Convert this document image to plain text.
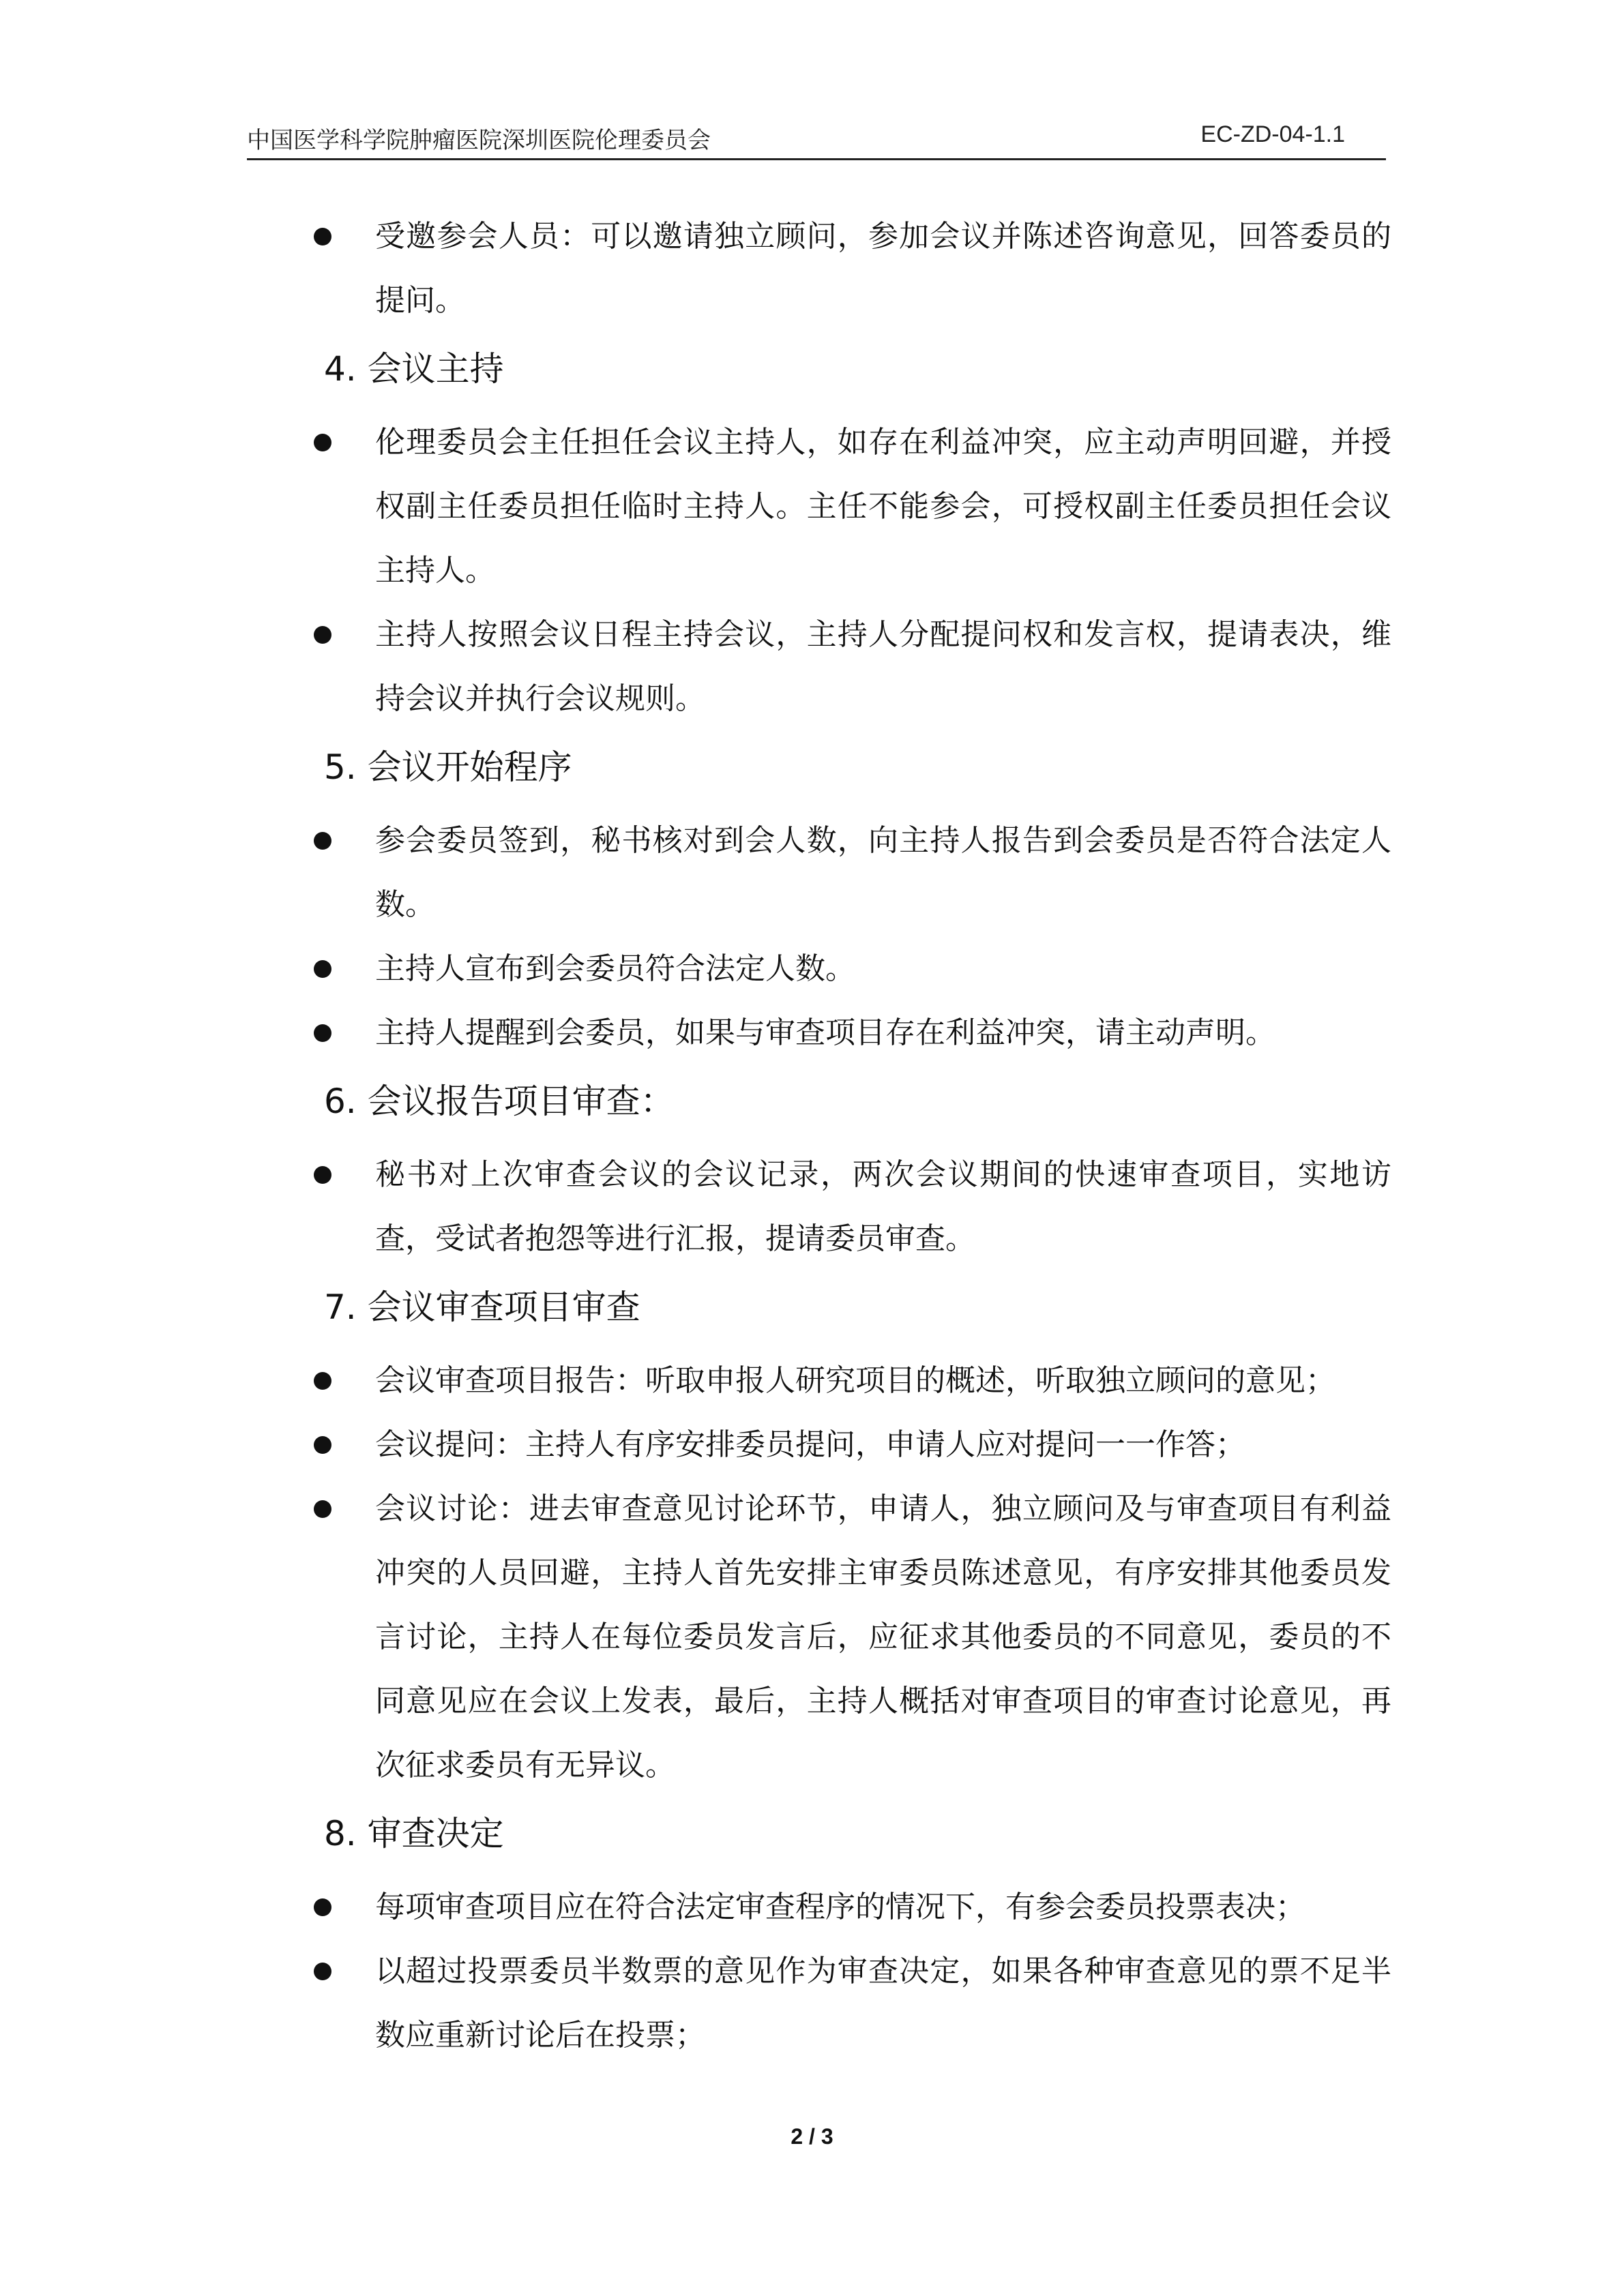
中国医学科学院肿瘤医院深圳医院伦理委员会	EC-ZD-04-1.1
受邀参会人员：可以邀请独立顾问，参加会议并陈述咨询意见，回答委员的提问。
4. 会议主持
伦理委员会主任担任会议主持人，如存在利益冲突，应主动声明回避，并授权副主任委员担任临时主持人。主任不能参会，可授权副主任委员担任会议主持人。
主持人按照会议日程主持会议，主持人分配提问权和发言权，提请表决，维持会议并执行会议规则。
5. 会议开始程序
参会委员签到，秘书核对到会人数，向主持人报告到会委员是否符合法定人数。
主持人宣布到会委员符合法定人数。
主持人提醒到会委员，如果与审查项目存在利益冲突，请主动声明。
6. 会议报告项目审查：
秘书对上次审查会议的会议记录，两次会议期间的快速审查项目，实地访查，受试者抱怨等进行汇报，提请委员审查。
7. 会议审查项目审查
会议审查项目报告：听取申报人研究项目的概述，听取独立顾问的意见；
会议提问：主持人有序安排委员提问，申请人应对提问一一作答；
会议讨论：进去审查意见讨论环节，申请人，独立顾问及与审查项目有利益冲突的人员回避，主持人首先安排主审委员陈述意见，有序安排其他委员发言讨论，主持人在每位委员发言后，应征求其他委员的不同意见，委员的不同意见应在会议上发表，最后，主持人概括对审查项目的审查讨论意见，再次征求委员有无异议。
8. 审查决定
每项审查项目应在符合法定审查程序的情况下，有参会委员投票表决；
以超过投票委员半数票的意见作为审查决定，如果各种审查意见的票不足半数应重新讨论后在投票；
2 / 3
